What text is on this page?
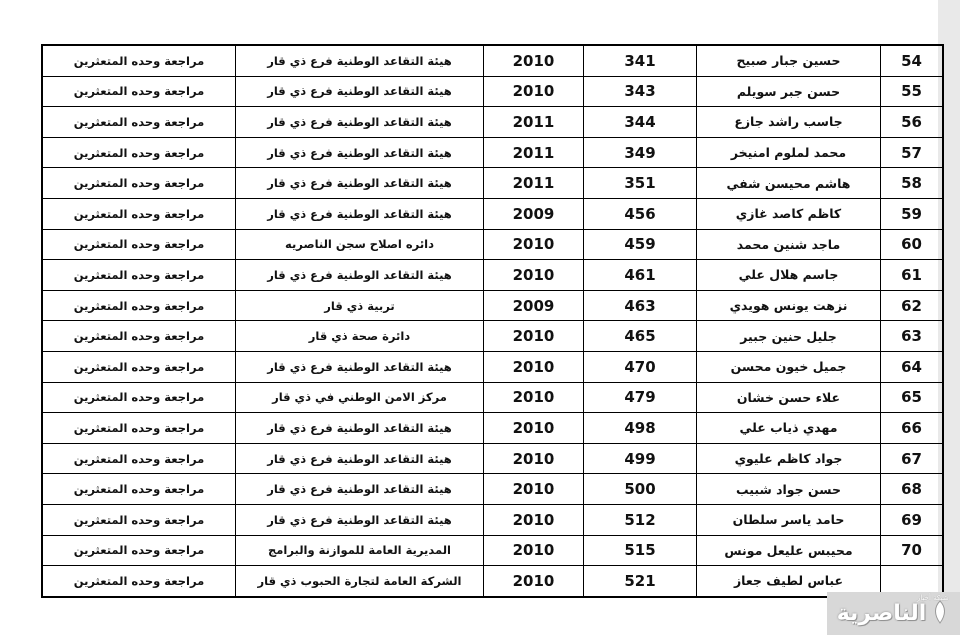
54	حسين جبار صبيح	341	2010	هيئة التقاعد الوطنية فرع ذي قار	مراجعة وحده المتعثرين
55	حسن جبر سويلم	343	2010	هيئة التقاعد الوطنية فرع ذي قار	مراجعة وحده المتعثرين
56	جاسب راشد جازع	344	2011	هيئة التقاعد الوطنية فرع ذي قار	مراجعة وحده المتعثرين
57	محمد لملوم امنيخر	349	2011	هيئة التقاعد الوطنية فرع ذي قار	مراجعة وحده المتعثرين
58	هاشم محيسن شفي	351	2011	هيئة التقاعد الوطنية فرع ذي قار	مراجعة وحده المتعثرين
59	كاظم كاصد غازي	456	2009	هيئة التقاعد الوطنية فرع ذي قار	مراجعة وحده المتعثرين
60	ماجد شنين محمد	459	2010	دائره اصلاح سجن الناصريه	مراجعة وحده المتعثرين
61	جاسم هلال علي	461	2010	هيئة التقاعد الوطنية فرع ذي قار	مراجعة وحده المتعثرين
62	نزهت يونس هويدي	463	2009	تربية ذي قار	مراجعة وحده المتعثرين
63	جليل حنين جبير	465	2010	دائرة صحة ذي قار	مراجعة وحده المتعثرين
64	جميل خيون محسن	470	2010	هيئة التقاعد الوطنية فرع ذي قار	مراجعة وحده المتعثرين
65	علاء حسن خشان	479	2010	مركز الامن الوطني في ذي قار	مراجعة وحده المتعثرين
66	مهدي ذياب علي	498	2010	هيئة التقاعد الوطنية فرع ذي قار	مراجعة وحده المتعثرين
67	جواد كاظم عليوي	499	2010	هيئة التقاعد الوطنية فرع ذي قار	مراجعة وحده المتعثرين
68	حسن جواد شبيب	500	2010	هيئة التقاعد الوطنية فرع ذي قار	مراجعة وحده المتعثرين
69	حامد ياسر سلطان	512	2010	هيئة التقاعد الوطنية فرع ذي قار	مراجعة وحده المتعثرين
70	محيبس عليعل مونس	515	2010	المديرية العامة للموازنة والبرامج	مراجعة وحده المتعثرين
	عباس لطيف جعاز	521	2010	الشركة العامة لتجارة الحبوب ذي قار	مراجعة وحده المتعثرين
شبكة أخبار
الناصرية
